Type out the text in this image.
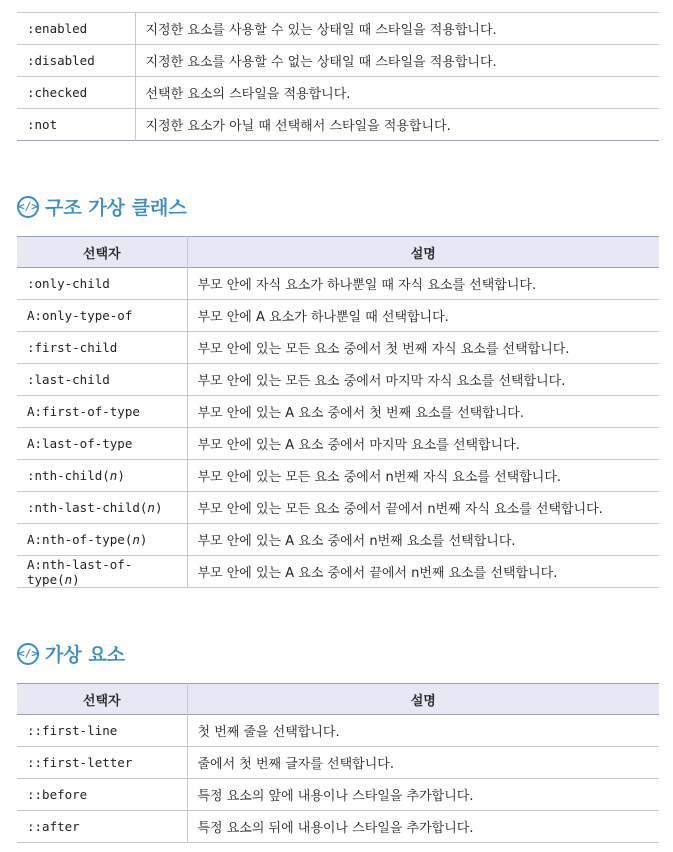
:enabled	지정한 요소를 사용할 수 있는 상태일 때 스타일을 적용합니다.
:disabled	지정한 요소를 사용할 수 없는 상태일 때 스타일을 적용합니다.
:checked	선택한 요소의 스타일을 적용합니다.
:not	지정한 요소가 아닐 때 선택해서 스타일을 적용합니다.
</> 구조 가상 클래스
선택자	설명
:only-child	부모 안에 자식 요소가 하나뿐일 때 자식 요소를 선택합니다.
A:only-type-of	부모 안에 A 요소가 하나뿐일 때 선택합니다.
:first-child	부모 안에 있는 모든 요소 중에서 첫 번째 자식 요소를 선택합니다.
:last-child	부모 안에 있는 모든 요소 중에서 마지막 자식 요소를 선택합니다.
A:first-of-type	부모 안에 있는 A 요소 중에서 첫 번째 요소를 선택합니다.
A:last-of-type	부모 안에 있는 A 요소 중에서 마지막 요소를 선택합니다.
:nth-child(n)	부모 안에 있는 모든 요소 중에서 n번째 자식 요소를 선택합니다.
:nth-last-child(n)	부모 안에 있는 모든 요소 중에서 끝에서 n번째 자식 요소를 선택합니다.
A:nth-of-type(n)	부모 안에 있는 A 요소 중에서 n번째 요소를 선택합니다.
A:nth-last-of-type(n)	부모 안에 있는 A 요소 중에서 끝에서 n번째 요소를 선택합니다.
</> 가상 요소
선택자	설명
::first-line	첫 번째 줄을 선택합니다.
::first-letter	줄에서 첫 번째 글자를 선택합니다.
::before	특정 요소의 앞에 내용이나 스타일을 추가합니다.
::after	특정 요소의 뒤에 내용이나 스타일을 추가합니다.
